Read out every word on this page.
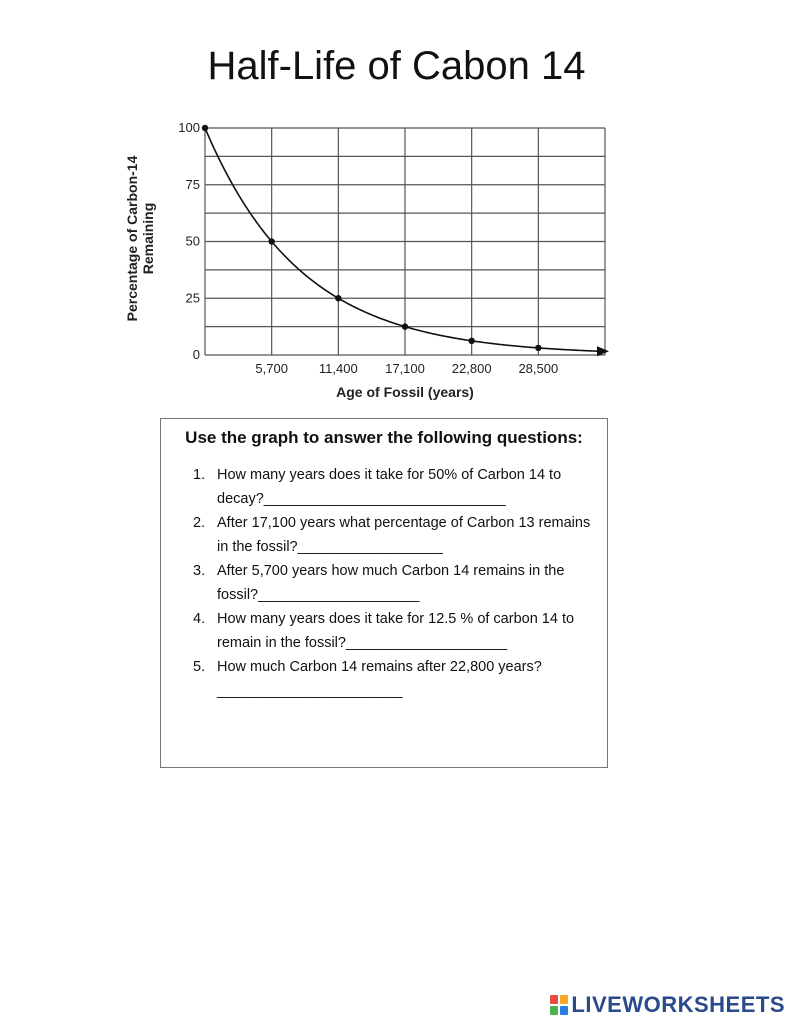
Half-Life of Cabon 14
0
25
50
75
100
5,700 11,400 17,100 22,800 28,500
Age of Fossil (years)
Percentage of Carbon-14Remaining

Use the graph to answer the following questions:

1. How many years does it take for 50% of Carbon 14 to decay?______________________________
2. After 17,100 years what percentage of Carbon 13 remains in the fossil?__________________
3. After 5,700 years how much Carbon 14 remains in the fossil?____________________
4. How many years does it take for 12.5 % of carbon 14 to remain in the fossil?____________________
5. How much Carbon 14 remains after 22,800 years?_______________________
LIVEWORKSHEETS
